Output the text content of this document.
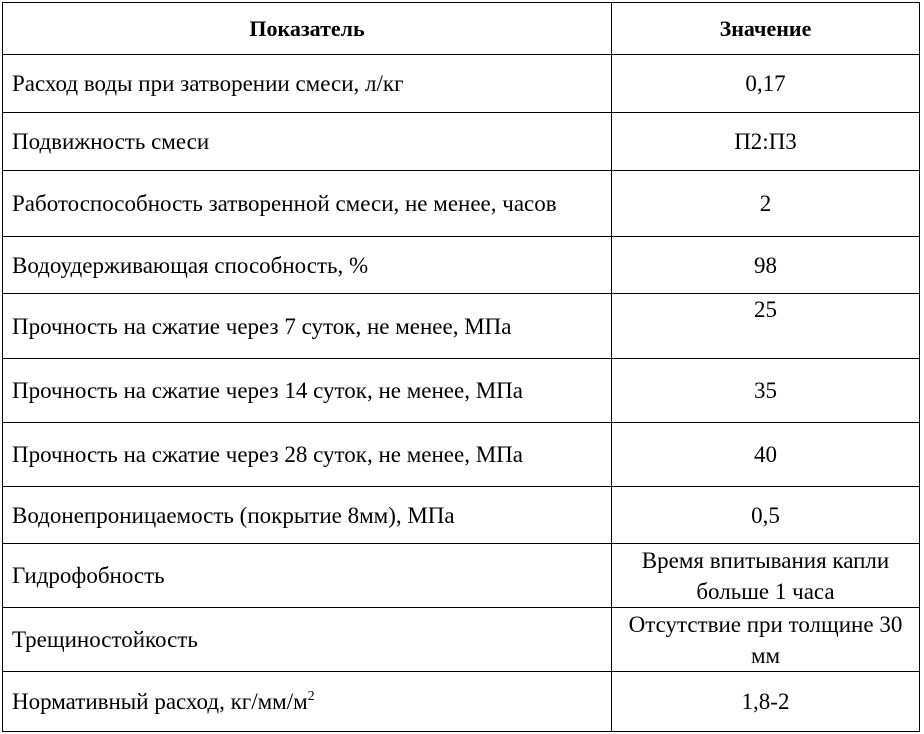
Показатель	Значение
Расход воды при затворении смеси, л/кг	0,17
Подвижность смеси	П2:П3
Работоспособность затворенной смеси, не менее, часов	2
Водоудерживающая способность, %	98
Прочность на сжатие через 7 суток, не менее, МПа	25
Прочность на сжатие через 14 суток, не менее, МПа	35
Прочность на сжатие через 28 суток, не менее, МПа	40
Водонепроницаемость (покрытие 8мм), МПа	0,5
Гидрофобность	Время впитывания капли больше 1 часа
Трещиностойкость	Отсутствие при толщине 30 мм
Нормативный расход, $кг/мм/м^2$	1,8-2
